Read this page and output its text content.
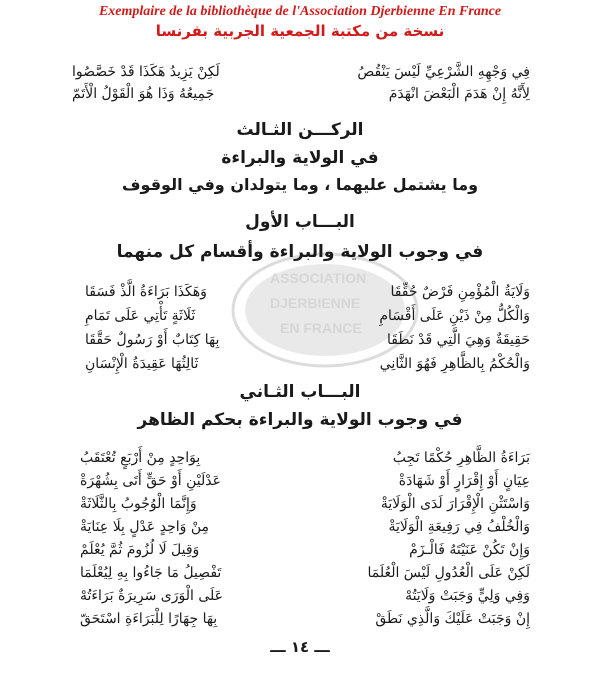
Exemplaire de la bibliothèque de l'Association Djerbienne En France
نسخة من مكتبة الجمعية الجربية بفرنسا
ASSOCIATION
DJERBIENNE
EN FRANCE
فِي وَجْهِهِ الشَّرْعِيِّ لَيْسَ يَنْقُصُ
لَكِنْ يَزِيدُ هَكَذَا قَدْ خَصَّصُوا
لِأَنَّهُ إِنْ هَدَمَ الْبَعْضَ انْهَدَمَ
جَمِيعُهُ وَذَا هُوَ الْقَوْلُ الْأَتَمّ
الركـــن الثـالث
في الولاية والبراءة
وما يشتمل عليهما ، وما يتولدان وفي الوقوف
البـــاب الأول
في وجوب الولاية والبراءة وأقسام كل منهما
وَلَايَةُ الْمُؤْمِنِ فَرْضٌ حُقِّقَا
وَهَكَذَا بَرَاءَةُ الَّذْ فَسَقَا
وَالْكُلُّ مِنْ ذَيْنِ عَلَى أَقْسَامِ
ثَلَاثَةٍ تَأْتِي عَلَى تَمَامِ
حَقِيقَةٌ وَهِيَ الَّتِي قَدْ نَطَقَا
بِهَا كِتَابٌ أَوْ رَسُولٌ حَقَّقَا
وَالْحُكْمُ بِالظَّاهِرِ فَهُوَ الثَّانِي
ثَالِثُهَا عَقِيدَةُ الْإِنْسَانِ
البـــاب الثـاني
في وجوب الولاية والبراءة بحكم الظاهر
بَرَاءَةُ الظَّاهِرِ حُكْمًا تَجِبُ
بِوَاحِدٍ مِنْ أَرْبَعٍ تُعْتَقَبُ
عِيَانٍ أَوْ إِقْرَارٍ أَوْ شَهَادَةْ
عَدْلَيْنِ أَوْ حَقٍّ أَتَى بِشُهْرَةْ
وَاسْتَثْنِ الْإِقْرَارَ لَدَى الْوَلَايَةْ
وَإِنَّمَا الْوُجُوبُ بِالثَّلَاثَةْ
وَالْخُلْفُ فِي رَفِيعَةِ الْوَلَايَةْ
مِنْ وَاحِدٍ عَدْلٍ بِلَا عِنَايَةْ
وَإِنْ تَكُنْ عَنَيْتَهُ فَالْـزَمْ
وَقِيلَ لَا لُزُومَ ثُمَّ يُعْلَمْ
لَكِنْ عَلَى الْعُدُولِ لَيْسَ الْعُلَمَا
تَفْصِيلُ مَا جَاءُوا بِهِ لِيُعْلَمَا
وَفِي وَلِيٍّ وَجَبَتْ وَلَايَتُهْ
عَلَى الْوَرَى سَرِيرَةٌ بَرَاءَتُهْ
إِنْ وَجَبَتْ عَلَيْكَ وَالَّذِي نَطَقْ
بِهَا جِهَارًا لِلْبَرَاءَةِ اسْتَحَقّ
ـــ ١٤ ـــ
